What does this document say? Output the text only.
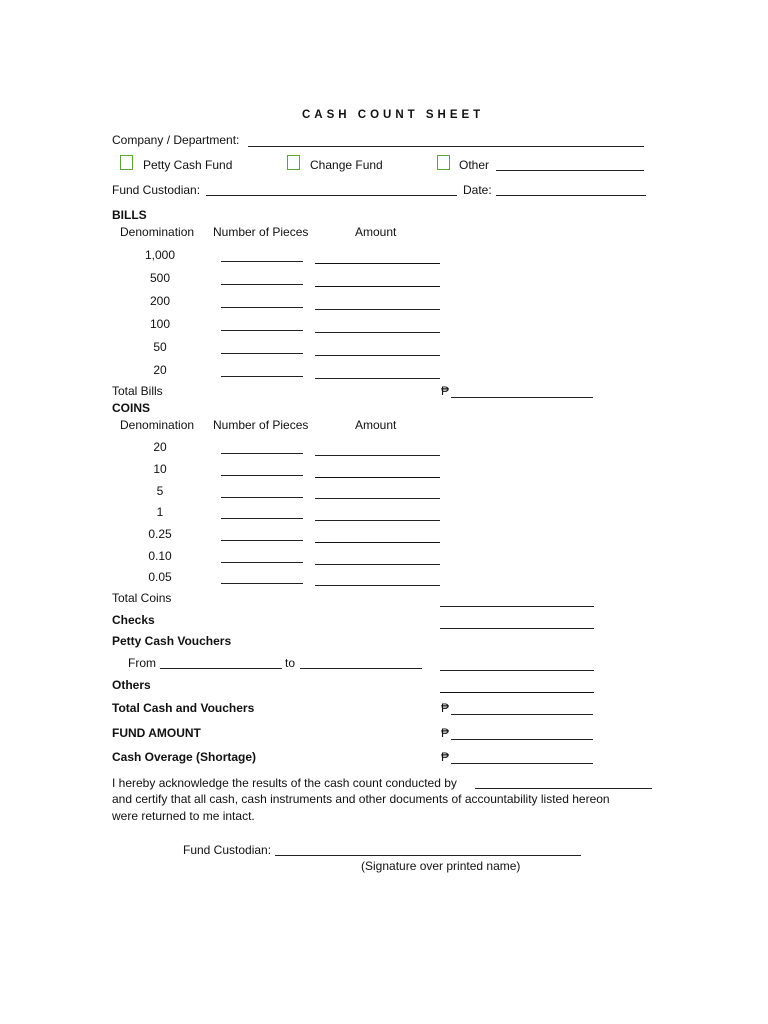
CASH COUNT SHEET
Company / Department:
Petty Cash Fund	Change Fund	Other
Fund Custodian:	Date:
BILLS
Denomination Number of Pieces	Amount
1,000
500
200
100
50
20
Total Bills	₱
COINS
Denomination Number of Pieces	Amount
20
10
5
1
0.25
0.10
0.05
Total Coins
Checks
Petty Cash Vouchers
From	to
Others
Total Cash and Vouchers	₱
FUND AMOUNT	₱
Cash Overage (Shortage)	₱
I hereby acknowledge the results of the cash count conducted by
and certify that all cash, cash instruments and other documents of accountability listed hereon
were returned to me intact.
Fund Custodian:
(Signature over printed name)
